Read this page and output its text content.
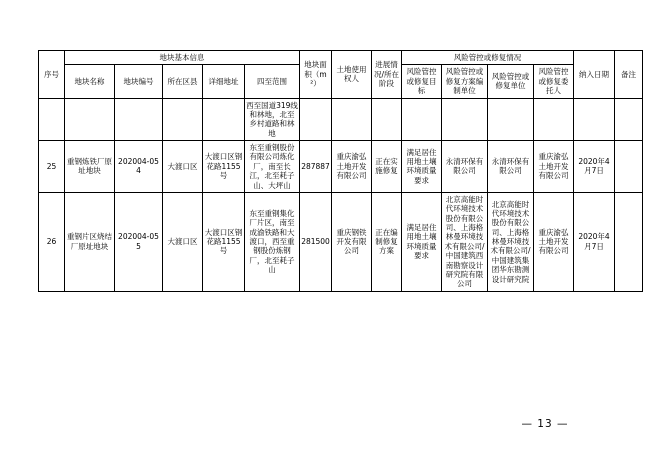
序号	地块基本信息					地块面积（m²）	土地使用权人	进展情况/所在阶段	风险管控或修复情况				纳入日期	备注
	地块名称	地块编号	所在区县	详细地址	四至范围				风险管控或修复目标	风险管控或修复方案编制单位	风险管控或修复单位	风险管控或修复委托人		

					西至国道319线和林地，北至乡村道路和林地									
25	重钢炼铁厂原址地块	202004-054	大渡口区	大渡口区钢花路1155号	东至重钢股份有限公司炼化厂，南至长江，北至耗子山、大坪山	287887	重庆渝弘土地开发有限公司	正在实施修复	满足居住用地土壤环境质量要求	永清环保有限公司	永清环保有限公司	重庆渝弘土地开发有限公司	2020年4月7日	
26	重钢片区烧结厂原址地块	202004-055	大渡口区	大渡口区钢花路1155号	东至重钢集化厂片区，南至成渝铁路和大渡口，西至重钢股份炼钢厂，北至耗子山	281500	重庆钢铁开发有限公司	正在编制修复方案	满足居住用地土壤环境质量要求	北京高能时代环境技术股份有限公司、上海格林曼环境技术有限公司/中国建筑西南勘察设计研究院有限公司	北京高能时代环境技术股份有限公司、上海格林曼环境技术有限公司/中国建筑集团华东勘测设计研究院	重庆渝弘土地开发有限公司	2020年4月7日	
— 13 —
